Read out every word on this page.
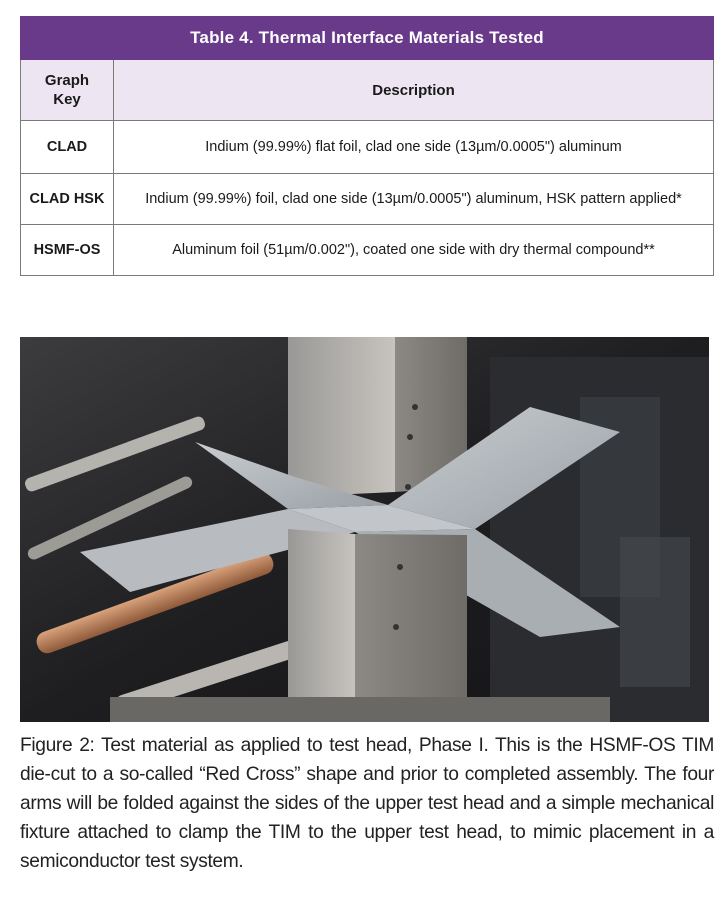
Table 4. Thermal Interface Materials Tested	
Graph
Key	Description
CLAD	Indium (99.99%) flat foil, clad one side (13µm/0.0005") aluminum
CLAD HSK	Indium (99.99%) foil, clad one side (13µm/0.0005") aluminum, HSK pattern applied*
HSMF-OS	Aluminum foil (51µm/0.002"), coated one side with dry thermal compound**
Figure 2: Test material as applied to test head, Phase I. This is the HSMF-OS TIM die-cut to a so-called “Red Cross” shape and prior to completed assembly. The four arms will be folded against the sides of the upper test head and a simple mechanical fixture attached to clamp the TIM to the upper test head, to mimic placement in a semiconductor test system.
